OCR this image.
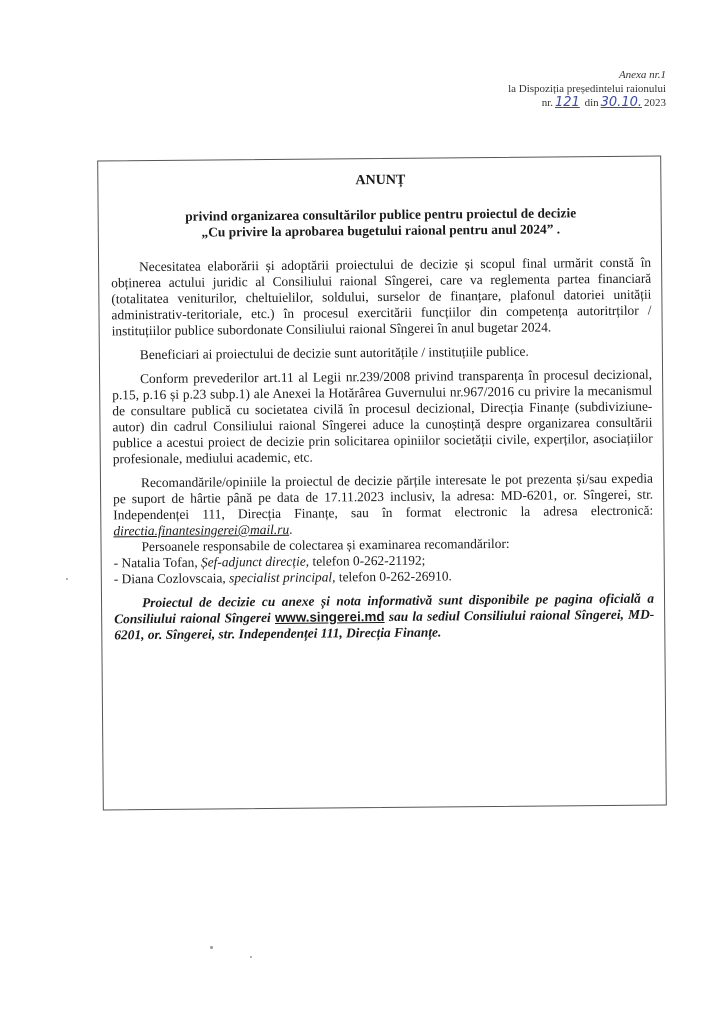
Anexa nr.1
la Dispoziția președintelui raionului
nr. 121 din 30.10. 2023
ANUNȚ
privind organizarea consultărilor publice pentru proiectul de decizie
„Cu privire la aprobarea bugetului raional pentru anul 2024” .

Necesitatea elaborării și adoptării proiectului de decizie și scopul final urmărit constă în obținerea actului juridic al Consiliului raional Sîngerei, care va reglementa partea financiară (totalitatea veniturilor, cheltuielilor, soldului, surselor de finanțare, plafonul datoriei unității administrativ-teritoriale, etc.) în procesul exercitării funcțiilor din competența autoritrților / instituțiilor publice subordonate Consiliului raional Sîngerei în anul bugetar 2024.

Beneficiari ai proiectului de decizie sunt autoritățile / instituțiile publice.

Conform prevederilor art.11 al Legii nr.239/2008 privind transparența în procesul decizional, p.15, p.16 și p.23 subp.1) ale Anexei la Hotărârea Guvernului nr.967/2016 cu privire la mecanismul de consultare publică cu societatea civilă în procesul decizional, Direcția Finanțe (subdiviziune-autor) din cadrul Consiliului raional Sîngerei aduce la cunoștință despre organizarea consultării publice a acestui proiect de decizie prin solicitarea opiniilor societății civile, experților, asociațiilor profesionale, mediului academic, etc.

Recomandările/opiniile la proiectul de decizie părțile interesate le pot prezenta și/sau expedia pe suport de hârtie până pe data de 17.11.2023 inclusiv, la adresa: MD-6201, or. Sîngerei, str. Independenței 111, Direcția Finanțe, sau în format electronic la adresa electronică: directia.finantesingerei@mail.ru.

Persoanele responsabile de colectarea și examinarea recomandărilor:

- Natalia Tofan, Șef-adjunct direcție, telefon 0-262-21192;
- Diana Cozlovscaia, specialist principal, telefon 0-262-26910.
Proiectul de decizie cu anexe și nota informativă sunt disponibile pe pagina oficială a Consiliului raional Sîngerei www.singerei.md sau la sediul Consiliului raional Sîngerei, MD-6201, or. Sîngerei, str. Independenței 111, Direcția Finanțe.
